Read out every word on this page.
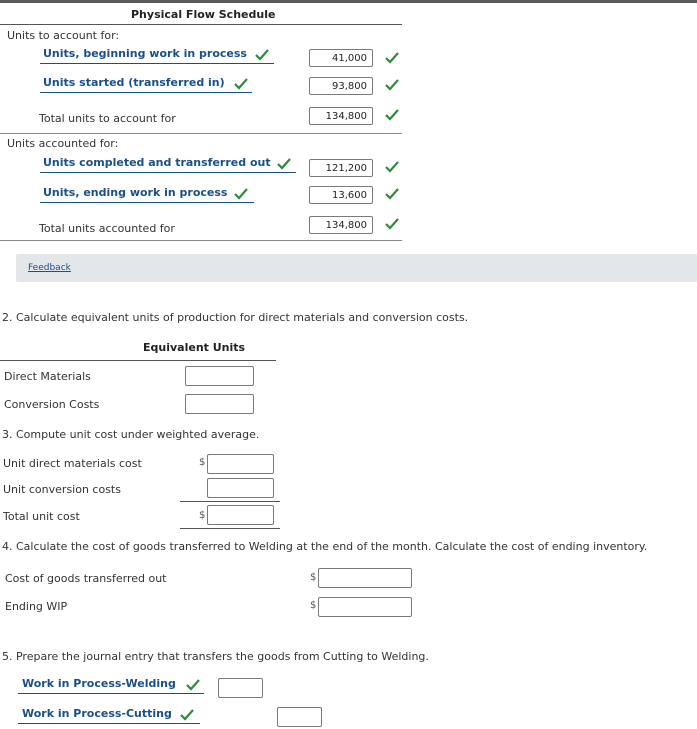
Physical Flow Schedule
Units to account for:
Units, beginning work in process	41,000
Units started (transferred in)	93,800
Total units to account for	134,800
Units accounted for:
Units completed and transferred out	121,200
Units, ending work in process	13,600
Total units accounted for	134,800
Feedback
2. Calculate equivalent units of production for direct materials and conversion costs.
Equivalent Units
Direct Materials
Conversion Costs
3. Compute unit cost under weighted average.
Unit direct materials cost	$
Unit conversion costs
Total unit cost	$
4. Calculate the cost of goods transferred to Welding at the end of the month. Calculate the cost of ending inventory.
Cost of goods transferred out	$
Ending WIP	$
5. Prepare the journal entry that transfers the goods from Cutting to Welding.
Work in Process-Welding
Work in Process-Cutting
